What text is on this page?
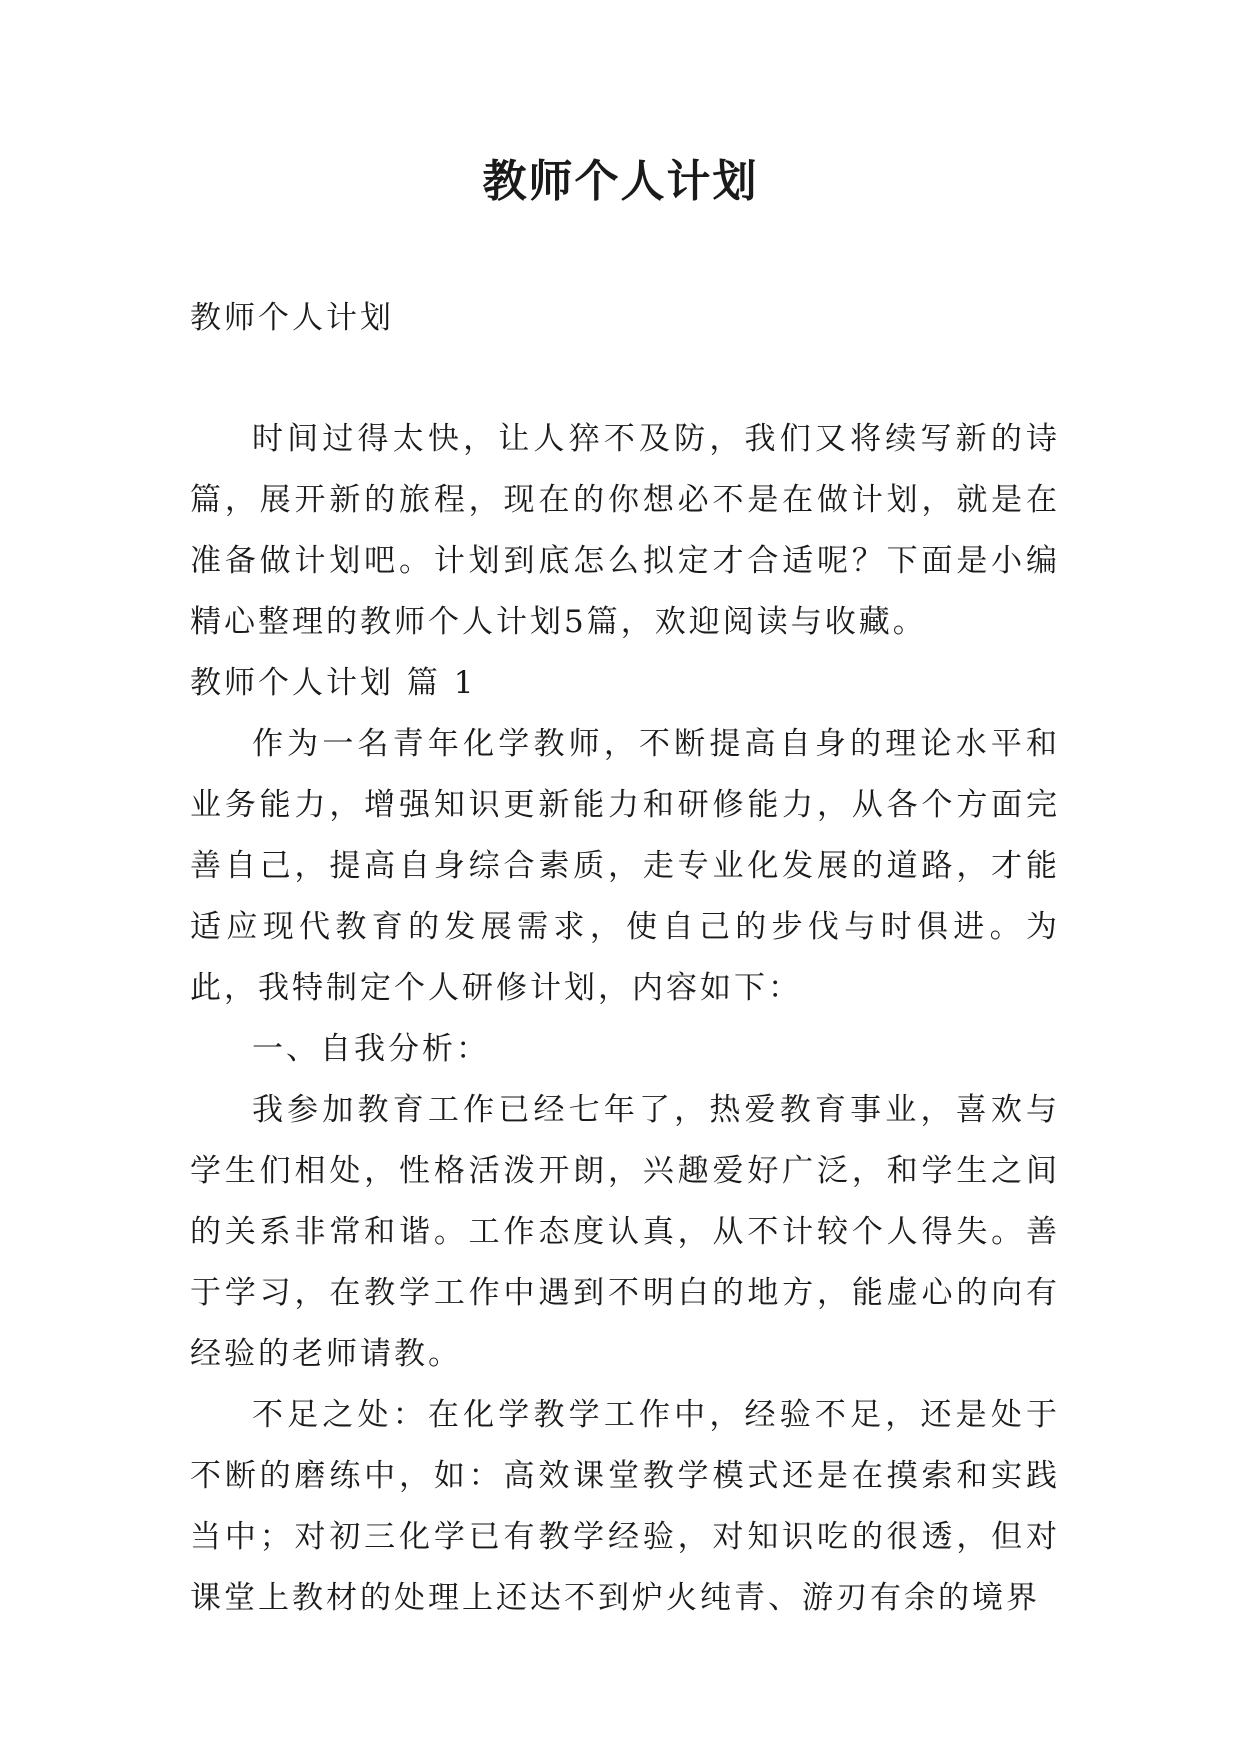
教师个人计划

教师个人计划

时间过得太快，让人猝不及防，我们又将续写新的诗篇，展开新的旅程，现在的你想必不是在做计划，就是在准备做计划吧。计划到底怎么拟定才合适呢？下面是小编精心整理的教师个人计划5篇，欢迎阅读与收藏。

教师个人计划 篇 1

作为一名青年化学教师，不断提高自身的理论水平和业务能力，增强知识更新能力和研修能力，从各个方面完善自己，提高自身综合素质，走专业化发展的道路，才能适应现代教育的发展需求，使自己的步伐与时俱进。为此，我特制定个人研修计划，内容如下：

一、自我分析：

我参加教育工作已经七年了，热爱教育事业，喜欢与学生们相处，性格活泼开朗，兴趣爱好广泛，和学生之间的关系非常和谐。工作态度认真，从不计较个人得失。善于学习，在教学工作中遇到不明白的地方，能虚心的向有经验的老师请教。

不足之处：在化学教学工作中，经验不足，还是处于不断的磨练中，如：高效课堂教学模式还是在摸索和实践当中；对初三化学已有教学经验，对知识吃的很透，但对课堂上教材的处理上还达不到炉火纯青、游刃有余的境界
